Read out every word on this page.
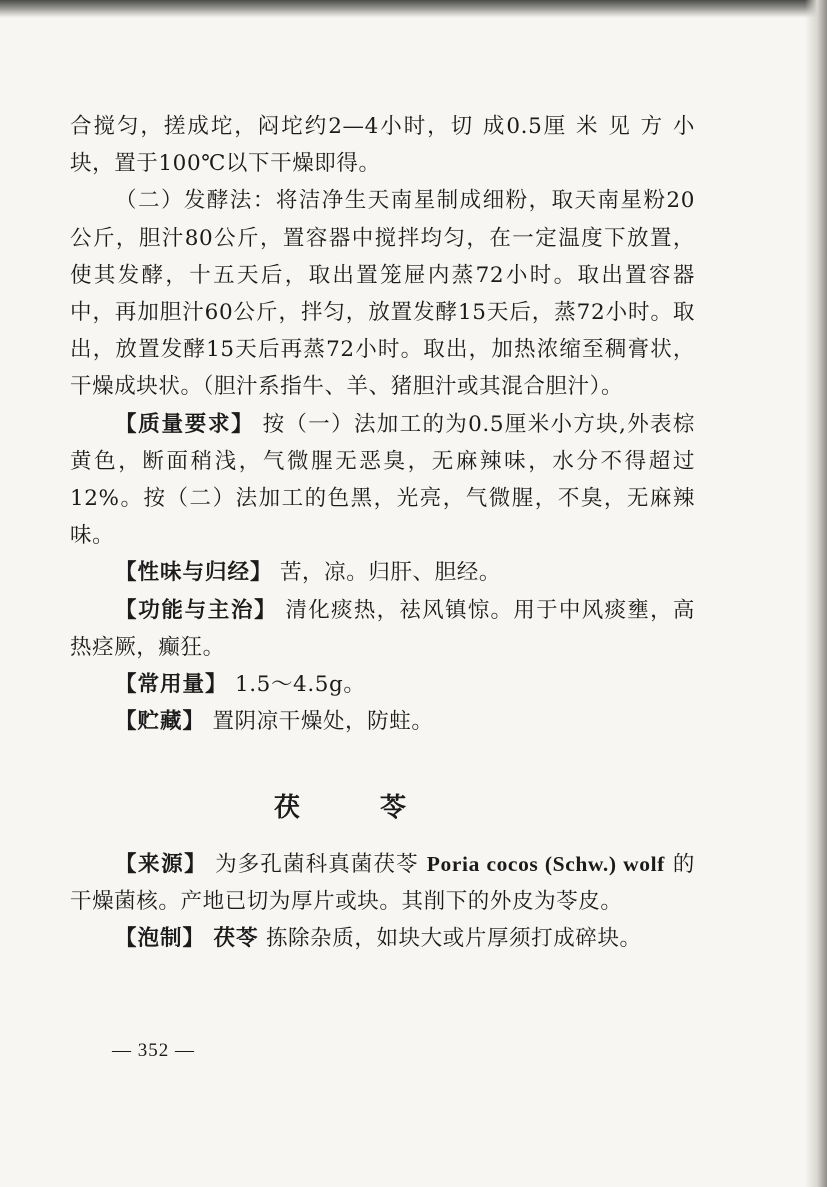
合搅匀，搓成坨，闷坨约2—4小时，切 成0.5厘 米 见 方 小块，置于100℃以下干燥即得。

（二）发酵法：将洁净生天南星制成细粉，取天南星粉20公斤，胆汁80公斤，置容器中搅拌均匀，在一定温度下放置，使其发酵，十五天后，取出置笼屉内蒸72小时。取出置容器中，再加胆汁60公斤，拌匀，放置发酵15天后，蒸72小时。取出，放置发酵15天后再蒸72小时。取出，加热浓缩至稠膏状，干燥成块状。（胆汁系指牛、羊、猪胆汁或其混合胆汁）。

【质量要求】 按（一）法加工的为0.5厘米小方块,外表棕黄色，断面稍浅，气微腥无恶臭，无麻辣味，水分不得超过12%。按（二）法加工的色黑，光亮，气微腥，不臭，无麻辣味。

【性味与归经】 苦，凉。归肝、胆经。

【功能与主治】 清化痰热，祛风镇惊。用于中风痰壅，高热痉厥，癫狂。

【常用量】 1.5～4.5g。

【贮藏】 置阴凉干燥处，防蛀。

茯苓

【来源】 为多孔菌科真菌茯苓 Poria cocos (Schw.) wolf 的干燥菌核。产地已切为厚片或块。其削下的外皮为苓皮。

【泡制】 茯苓 拣除杂质，如块大或片厚须打成碎块。

— 352 —
